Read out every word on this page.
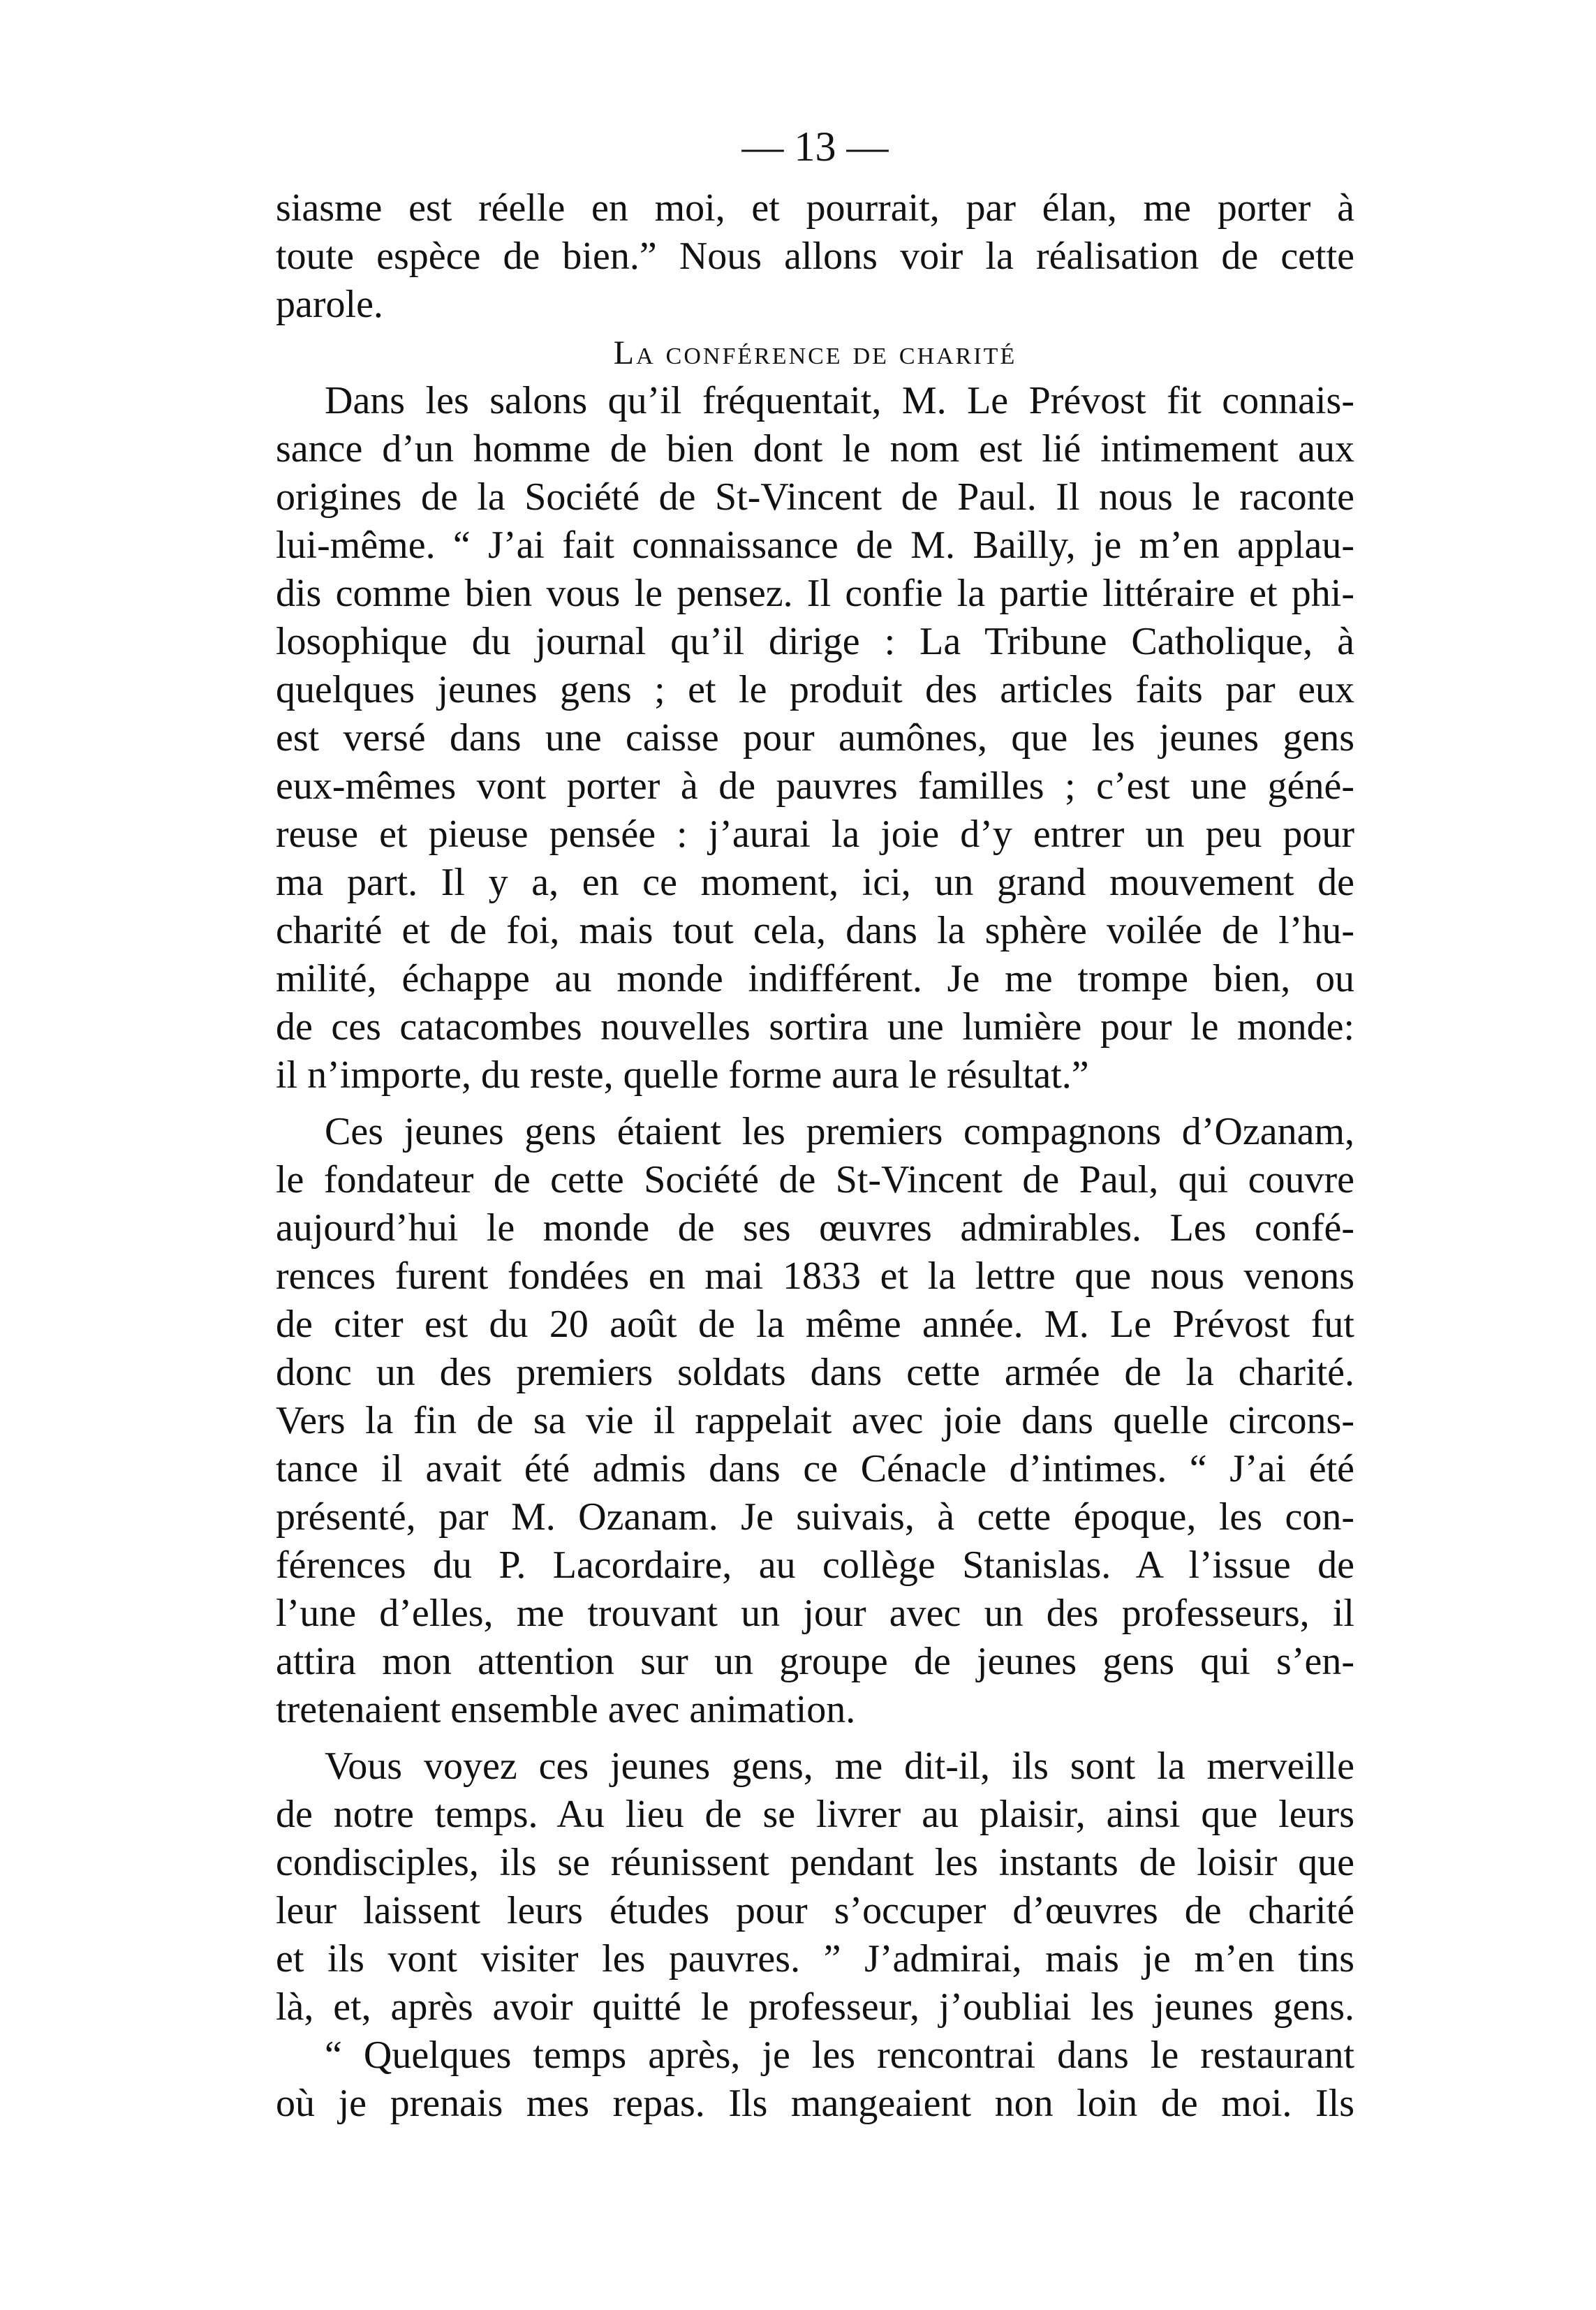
— 13 —
siasme est réelle en moi, et pourrait, par élan, me porter à
toute espèce de bien.” Nous allons voir la réalisation de cette
parole.
La conférence de charité
Dans les salons qu’il fréquentait, M. Le Prévost fit connais-
sance d’un homme de bien dont le nom est lié intimement aux
origines de la Société de St-Vincent de Paul. Il nous le raconte
lui-même. “ J’ai fait connaissance de M. Bailly, je m’en applau-
dis comme bien vous le pensez. Il confie la partie littéraire et phi-
losophique du journal qu’il dirige : La Tribune Catholique, à
quelques jeunes gens ; et le produit des articles faits par eux
est versé dans une caisse pour aumônes, que les jeunes gens
eux-mêmes vont porter à de pauvres familles ; c’est une géné-
reuse et pieuse pensée : j’aurai la joie d’y entrer un peu pour
ma part. Il y a, en ce moment, ici, un grand mouvement de
charité et de foi, mais tout cela, dans la sphère voilée de l’hu-
milité, échappe au monde indifférent. Je me trompe bien, ou
de ces catacombes nouvelles sortira une lumière pour le monde:
il n’importe, du reste, quelle forme aura le résultat.”
Ces jeunes gens étaient les premiers compagnons d’Ozanam,
le fondateur de cette Société de St-Vincent de Paul, qui couvre
aujourd’hui le monde de ses œuvres admirables. Les confé-
rences furent fondées en mai 1833 et la lettre que nous venons
de citer est du 20 août de la même année. M. Le Prévost fut
donc un des premiers soldats dans cette armée de la charité.
Vers la fin de sa vie il rappelait avec joie dans quelle circons-
tance il avait été admis dans ce Cénacle d’intimes. “ J’ai été
présenté, par M. Ozanam. Je suivais, à cette époque, les con-
férences du P. Lacordaire, au collège Stanislas. A l’issue de
l’une d’elles, me trouvant un jour avec un des professeurs, il
attira mon attention sur un groupe de jeunes gens qui s’en-
tretenaient ensemble avec animation.
Vous voyez ces jeunes gens, me dit-il, ils sont la merveille
de notre temps. Au lieu de se livrer au plaisir, ainsi que leurs
condisciples, ils se réunissent pendant les instants de loisir que
leur laissent leurs études pour s’occuper d’œuvres de charité
et ils vont visiter les pauvres. ” J’admirai, mais je m’en tins
là, et, après avoir quitté le professeur, j’oubliai les jeunes gens.
“ Quelques temps après, je les rencontrai dans le restaurant
où je prenais mes repas. Ils mangeaient non loin de moi. Ils
